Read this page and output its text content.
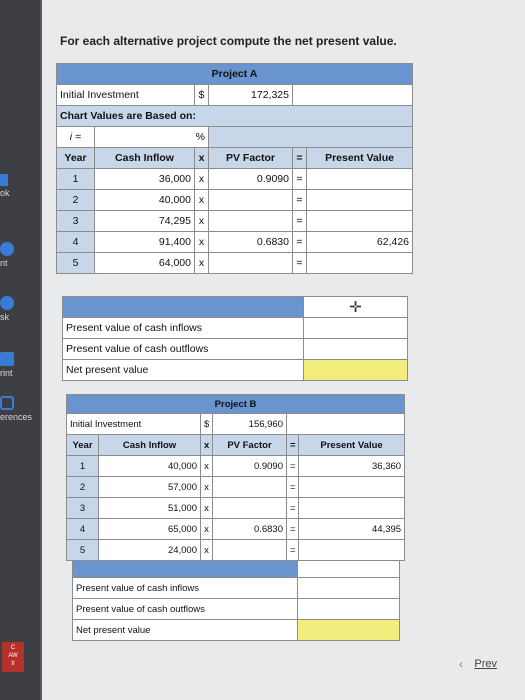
ok
nt
sk
rint
erences
C
AW
II
For each alternative project compute the net present value.
Project A					
Initial Investment		$	172,325		
Chart Values are Based on:					
i =	%				
Year	Cash Inflow	x	PV Factor	=	Present Value
1	36,000	x	0.9090	=	
2	40,000	x		=	
3	74,295	x		=	
4	91,400	x	0.6830	=	62,426
5	64,000	x		=	
	✛
Present value of cash inflows	
Present value of cash outflows	
Net present value	
Project B					
Initial Investment		$	156,960		
Year	Cash Inflow	x	PV Factor	=	Present Value
1	40,000	x	0.9090	=	36,360
2	57,000	x		=	
3	51,000	x		=	
4	65,000	x	0.6830	=	44,395
5	24,000	x		=	

Present value of cash inflows	
Present value of cash outflows	
Net present value	
‹ Prev
